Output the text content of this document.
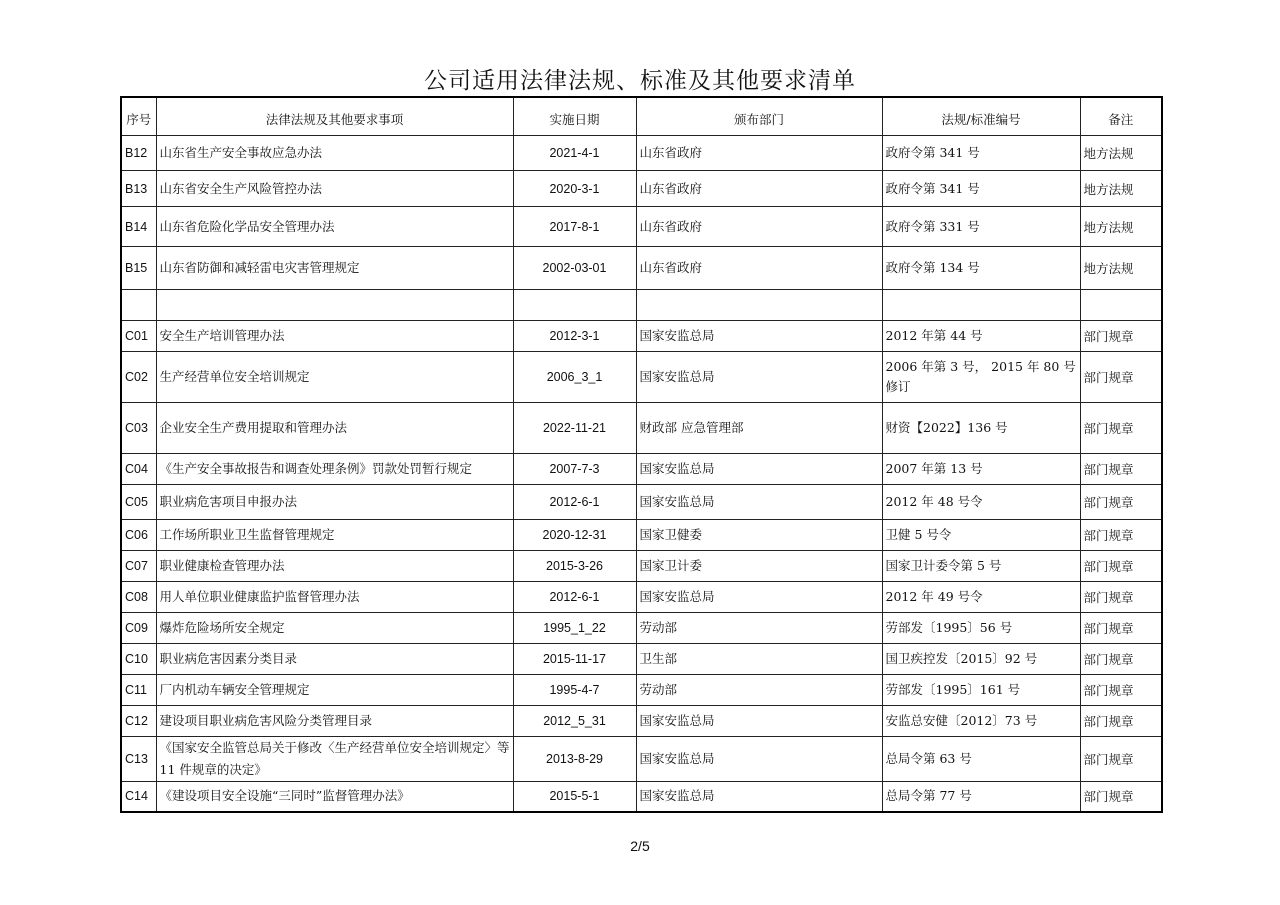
公司适用法律法规、标准及其他要求清单
序号	法律法规及其他要求事项	实施日期	颁布部门	法规/标准编号	备注
B12	山东省生产安全事故应急办法	2021-4-1	山东省政府	政府令第 341 号	地方法规
B13	山东省安全生产风险管控办法	2020-3-1	山东省政府	政府令第 341 号	地方法规
B14	山东省危险化学品安全管理办法	2017-8-1	山东省政府	政府令第 331 号	地方法规
B15	山东省防御和减轻雷电灾害管理规定	2002-03-01	山东省政府	政府令第 134 号	地方法规

C01	安全生产培训管理办法	2012-3-1	国家安监总局	2012 年第 44 号	部门规章
C02	生产经营单位安全培训规定	2006_3_1	国家安监总局	2006 年第 3 号， 2015 年 80 号修订	部门规章
C03	企业安全生产费用提取和管理办法	2022-11-21	财政部 应急管理部	财资【2022】136 号	部门规章
C04	《生产安全事故报告和调查处理条例》罚款处罚暂行规定	2007-7-3	国家安监总局	2007 年第 13 号	部门规章
C05	职业病危害项目申报办法	2012-6-1	国家安监总局	2012 年 48 号令	部门规章
C06	工作场所职业卫生监督管理规定	2020-12-31	国家卫健委	卫健 5 号令	部门规章
C07	职业健康检查管理办法	2015-3-26	国家卫计委	国家卫计委令第 5 号	部门规章
C08	用人单位职业健康监护监督管理办法	2012-6-1	国家安监总局	2012 年 49 号令	部门规章
C09	爆炸危险场所安全规定	1995_1_22	劳动部	劳部发〔1995〕56 号	部门规章
C10	职业病危害因素分类目录	2015-11-17	卫生部	国卫疾控发〔2015〕92 号	部门规章
C11	厂内机动车辆安全管理规定	1995-4-7	劳动部	劳部发〔1995〕161 号	部门规章
C12	建设项目职业病危害风险分类管理目录	2012_5_31	国家安监总局	安监总安健〔2012〕73 号	部门规章
C13	《国家安全监管总局关于修改〈生产经营单位安全培训规定〉等 11 件规章的决定》	2013-8-29	国家安监总局	总局令第 63 号	部门规章
C14	《建设项目安全设施“三同时”监督管理办法》	2015-5-1	国家安监总局	总局令第 77 号	部门规章
2/5
